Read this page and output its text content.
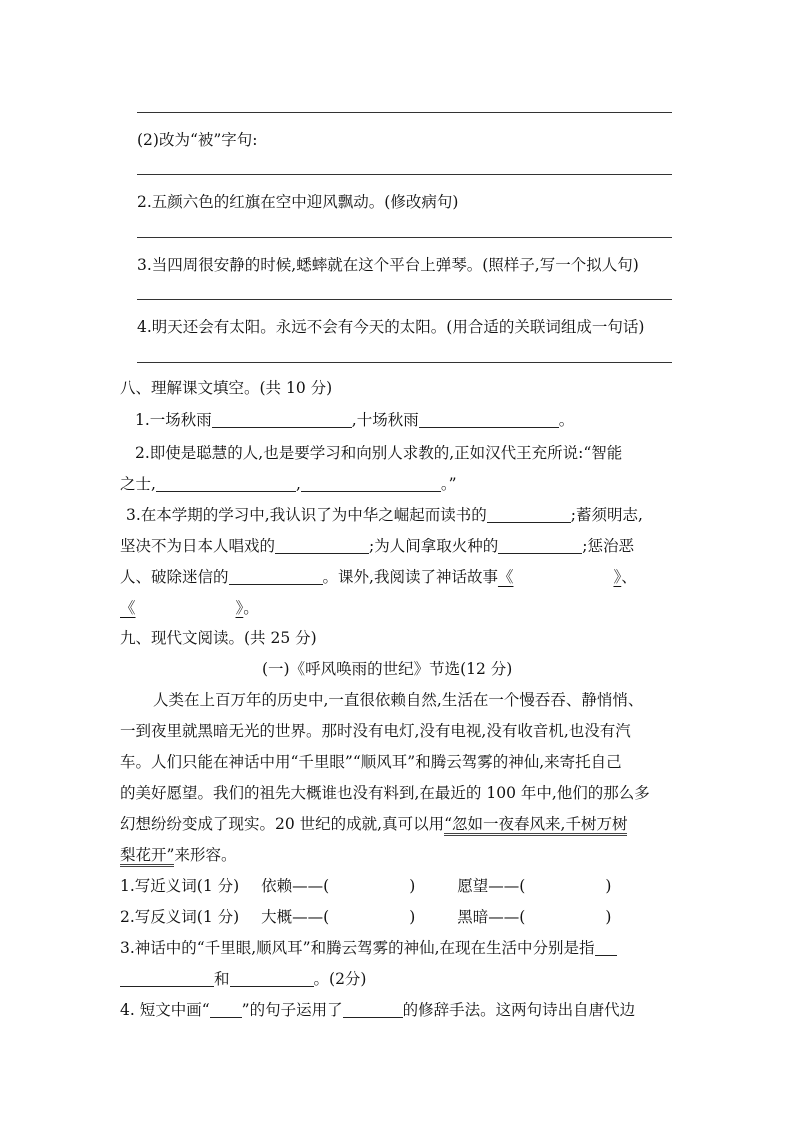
(2)改为“被”字句:
2.五颜六色的红旗在空中迎风飘动。(修改病句)
3.当四周很安静的时候,蟋蟀就在这个平台上弹琴。(照样子,写一个拟人句)
4.明天还会有太阳。永远不会有今天的太阳。(用合适的关联词组成一句话)
八、理解课文填空。(共 10 分)
1.一场秋雨	,十场秋雨	。
2.即使是聪慧的人,也是要学习和向别人求教的,正如汉代王充所说:“智能
之士,	,	。”
3.在本学期的学习中,我认识了为中华之崛起而读书的	;蓄须明志,
坚决不为日本人唱戏的	;为人间拿取火种的	;惩治恶
人、破除迷信的	。课外,我阅读了神话故事《	》、
《	》。
九、现代文阅读。(共 25 分)
(一)《呼风唤雨的世纪》节选(12 分)
人类在上百万年的历史中,一直很依赖自然,生活在一个慢吞吞、静悄悄、
一到夜里就黑暗无光的世界。那时没有电灯,没有电视,没有收音机,也没有汽
车。人们只能在神话中用“千里眼”“顺风耳”和腾云驾雾的神仙,来寄托自己
的美好愿望。我们的祖先大概谁也没有料到,在最近的 100 年中,他们的那么多
幻想纷纷变成了现实。20 世纪的成就,真可以用“忽如一夜春风来,千树万树
梨花开”来形容。
1.写近义词(1 分) 依赖——(	)	愿望——(	)
2.写反义词(1 分) 大概——(	)	黑暗——(	)
3.神话中的“千里眼,顺风耳”和腾云驾雾的神仙,在现在生活中分别是指
和	。(2分)
4. 短文中画“ ”的句子运用了	的修辞手法。这两句诗出自唐代边
